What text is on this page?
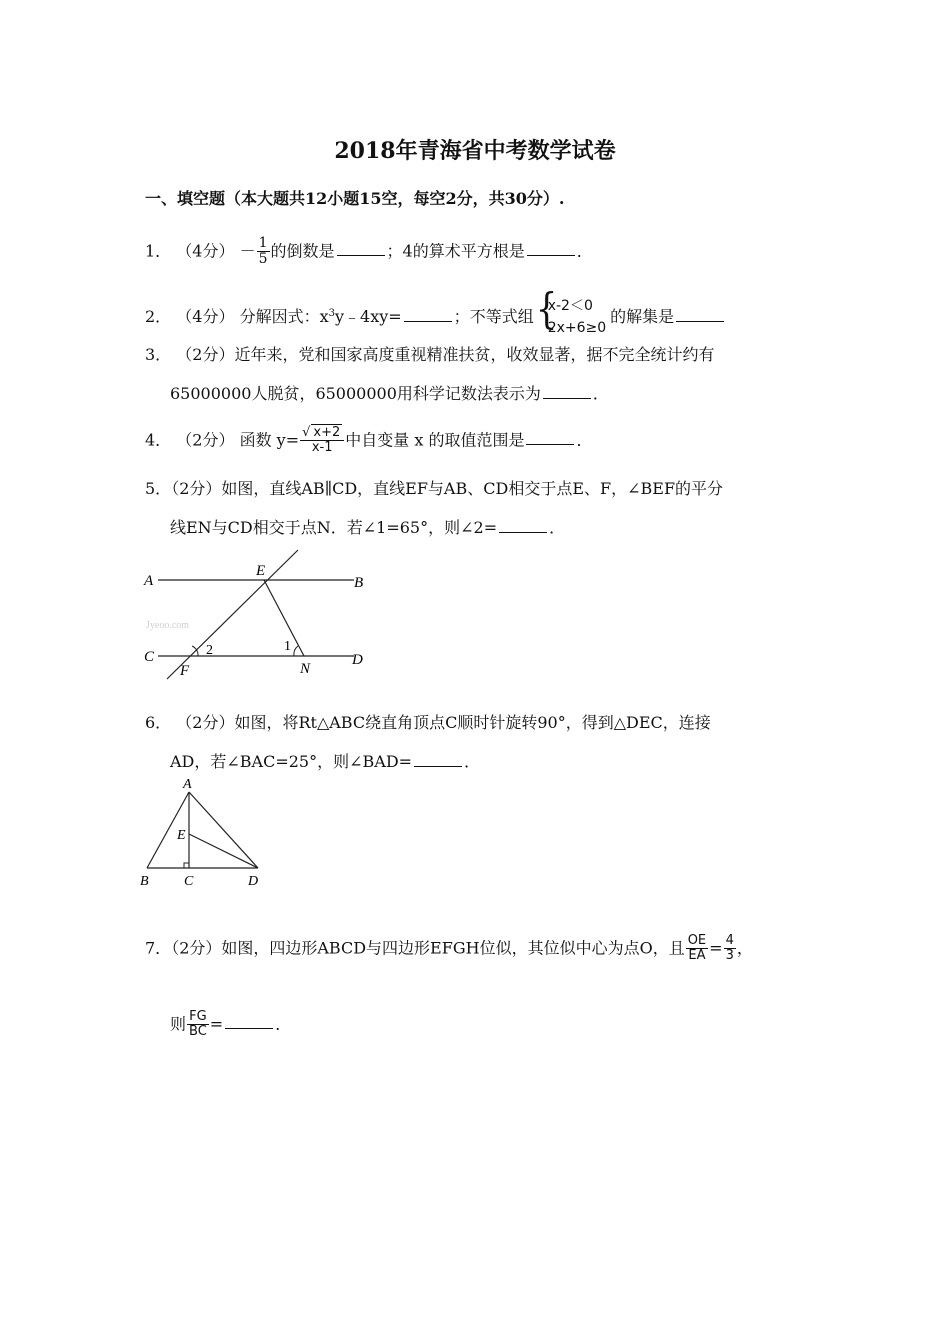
2018年青海省中考数学试卷
一、填空题（本大题共12小题15空，每空2分，共30分）.
1． （4分） － $\frac{1}{5}$ 的倒数是	；4的算术平方根是	．
2． （4分） 分解因式：$x^3y﹣4xy=$	；不等式组 {
x-2＜0
2x+6≥0
的解集是
3． （2分）近年来，党和国家高度重视精准扶贫，收效显著，据不完全统计约有
65000000人脱贫，65000000用科学记数法表示为	．
4． （2分） 函数 $y= \frac{√ x+2}{x-1}$ 中自变量 x 的取值范围是	．
5．（2分）如图，直线AB∥CD，直线EF与AB、CD相交于点E、F，∠BEF的平分
线EN与CD相交于点N．若∠1=65°，则∠2=	．
A	B
C	D
E
F	N
1
2
Jyeoo.com
6． （2分）如图，将Rt△ABC绕直角顶点C顺时针旋转90°，得到△DEC，连接
AD，若∠BAC=25°，则∠BAD=	．
A
B	C	D
E
7．（2分）如图，四边形ABCD与四边形EFGH位似，其位似中心为点O，且 $\frac{OE}{EA} = \frac{4}{3}$ ，
则 $\frac{FG}{BC}$ =	．
